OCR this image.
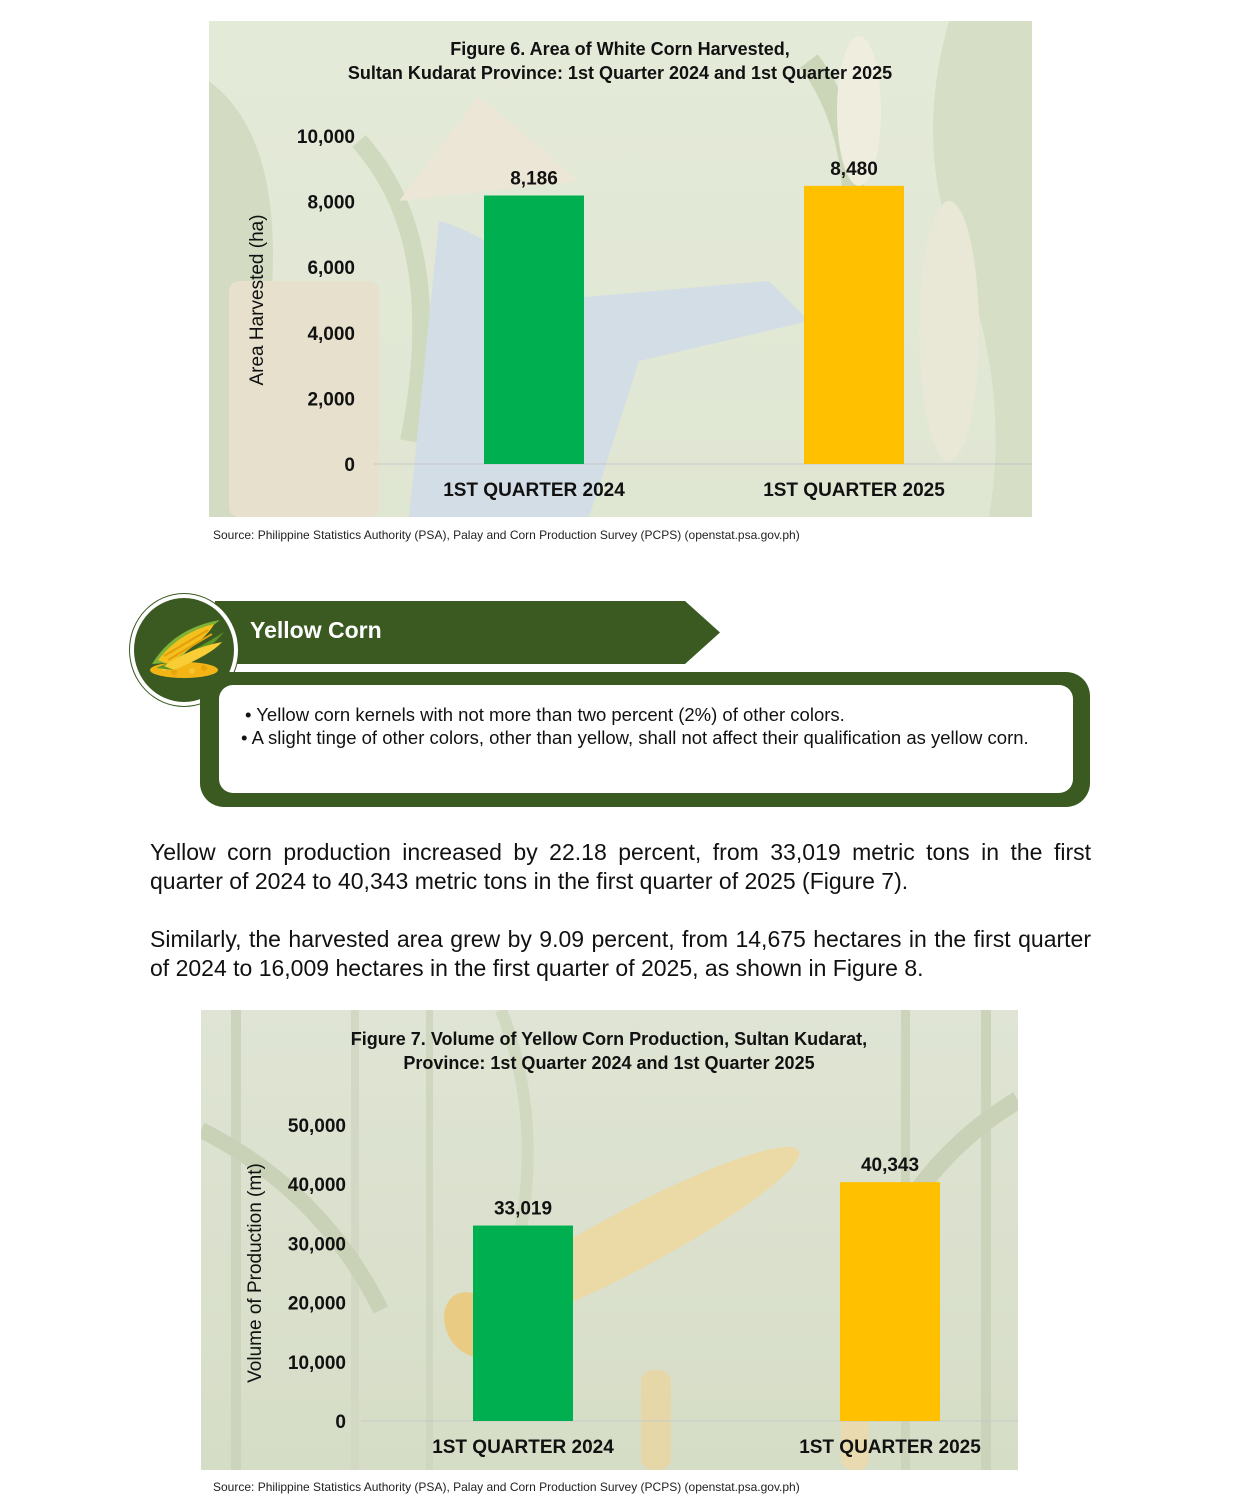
Figure 6. Area of White Corn Harvested,
Sultan Kudarat Province: 1st Quarter 2024 and 1st Quarter 2025
Area Harvested (ha)
0
2,000
4,000
6,000
8,000
10,000
8,186
1ST QUARTER 2024
8,480
1ST QUARTER 2025
Source: Philippine Statistics Authority (PSA), Palay and Corn Production Survey (PCPS) (openstat.psa.gov.ph)
Yellow Corn

• Yellow corn kernels with not more than two percent (2%) of other colors.

• A slight tinge of other colors, other than yellow, shall not affect their qualification as yellow corn.

Yellow corn production increased by 22.18 percent, from 33,019 metric tons in the first quarter of 2024 to 40,343 metric tons in the first quarter of 2025 (Figure 7).
Similarly, the harvested area grew by 9.09 percent, from 14,675 hectares in the first quarter of 2024 to 16,009 hectares in the first quarter of 2025, as shown in Figure 8.
Figure 7. Volume of Yellow Corn Production, Sultan Kudarat,
Province: 1st Quarter 2024 and 1st Quarter 2025
Volume of Production (mt)
0
10,000
20,000
30,000
40,000
50,000
33,019
1ST QUARTER 2024
40,343
1ST QUARTER 2025
Source: Philippine Statistics Authority (PSA), Palay and Corn Production Survey (PCPS) (openstat.psa.gov.ph)
